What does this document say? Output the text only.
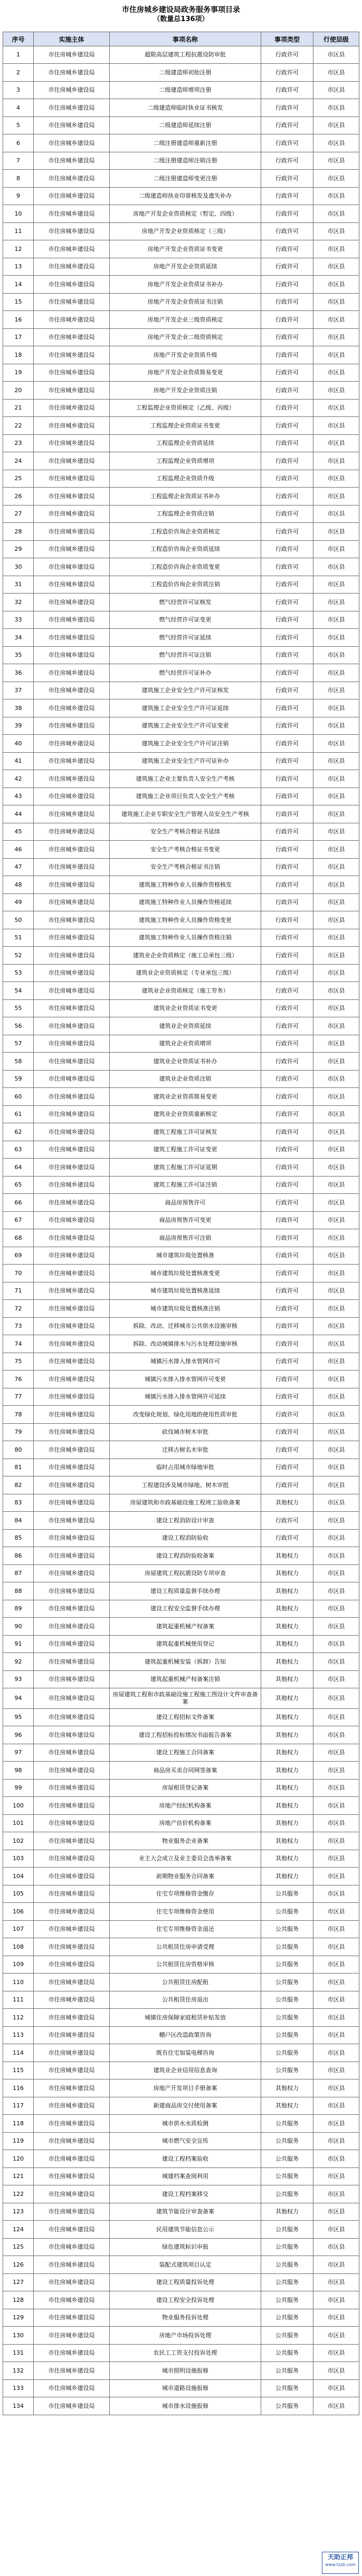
市住房城乡建设局政务服务事项目录
（数量总136项）
序号	实施主体	事项名称	事项类型	行使层级
1	市住房城乡建设局	超限高层建筑工程抗震设防审批	行政许可	市区县
2	市住房城乡建设局	二级建造师初始注册	行政许可	市区县
3	市住房城乡建设局	二级建造师增项注册	行政许可	市区县
4	市住房城乡建设局	二级建造师临时执业证书核发	行政许可	市区县
5	市住房城乡建设局	二级建造师延续注册	行政许可	市区县
6	市住房城乡建设局	二级注册建造师重新注册	行政许可	市区县
7	市住房城乡建设局	二级注册建造师注销注册	行政许可	市区县
8	市住房城乡建设局	二级注册建造师变更注册	行政许可	市区县
9	市住房城乡建设局	二级建造师执业印章核发及遗失补办	行政许可	市区县
10	市住房城乡建设局	房地产开发企业资质核定（暂定、四级）	行政许可	市区县
11	市住房城乡建设局	房地产开发企业资质核定（三级）	行政许可	市区县
12	市住房城乡建设局	房地产开发企业资质证书变更	行政许可	市区县
13	市住房城乡建设局	房地产开发企业资质延续	行政许可	市区县
14	市住房城乡建设局	房地产开发企业资质证书补办	行政许可	市区县
15	市住房城乡建设局	房地产开发企业资质证书注销	行政许可	市区县
16	市住房城乡建设局	房地产开发企业三级资质核定	行政许可	市区县
17	市住房城乡建设局	房地产开发企业二级资质核定	行政许可	市区县
18	市住房城乡建设局	房地产开发企业资质升级	行政许可	市区县
19	市住房城乡建设局	房地产开发企业资质简易变更	行政许可	市区县
20	市住房城乡建设局	房地产开发企业资质注销	行政许可	市区县
21	市住房城乡建设局	工程监理企业资质核定（乙级、丙级）	行政许可	市区县
22	市住房城乡建设局	工程监理企业资质证书变更	行政许可	市区县
23	市住房城乡建设局	工程监理企业资质延续	行政许可	市区县
24	市住房城乡建设局	工程监理企业资质增项	行政许可	市区县
25	市住房城乡建设局	工程监理企业资质升级	行政许可	市区县
26	市住房城乡建设局	工程监理企业资质证书补办	行政许可	市区县
27	市住房城乡建设局	工程监理企业资质注销	行政许可	市区县
28	市住房城乡建设局	工程造价咨询企业资质核定	行政许可	市区县
29	市住房城乡建设局	工程造价咨询企业资质延续	行政许可	市区县
30	市住房城乡建设局	工程造价咨询企业资质变更	行政许可	市区县
31	市住房城乡建设局	工程造价咨询企业资质注销	行政许可	市区县
32	市住房城乡建设局	燃气经营许可证核发	行政许可	市区县
33	市住房城乡建设局	燃气经营许可证变更	行政许可	市区县
34	市住房城乡建设局	燃气经营许可证延续	行政许可	市区县
35	市住房城乡建设局	燃气经营许可证注销	行政许可	市区县
36	市住房城乡建设局	燃气经营许可证补办	行政许可	市区县
37	市住房城乡建设局	建筑施工企业安全生产许可证核发	行政许可	市区县
38	市住房城乡建设局	建筑施工企业安全生产许可证延续	行政许可	市区县
39	市住房城乡建设局	建筑施工企业安全生产许可证变更	行政许可	市区县
40	市住房城乡建设局	建筑施工企业安全生产许可证注销	行政许可	市区县
41	市住房城乡建设局	建筑施工企业安全生产许可证补办	行政许可	市区县
42	市住房城乡建设局	建筑施工企业主要负责人安全生产考核	行政许可	市区县
43	市住房城乡建设局	建筑施工企业项目负责人安全生产考核	行政许可	市区县
44	市住房城乡建设局	建筑施工企业专职安全生产管理人员安全生产考核	行政许可	市区县
45	市住房城乡建设局	安全生产考核合格证书延续	行政许可	市区县
46	市住房城乡建设局	安全生产考核合格证书变更	行政许可	市区县
47	市住房城乡建设局	安全生产考核合格证书注销	行政许可	市区县
48	市住房城乡建设局	建筑施工特种作业人员操作资格核发	行政许可	市区县
49	市住房城乡建设局	建筑施工特种作业人员操作资格延续	行政许可	市区县
50	市住房城乡建设局	建筑施工特种作业人员操作资格变更	行政许可	市区县
51	市住房城乡建设局	建筑施工特种作业人员操作资格注销	行政许可	市区县
52	市住房城乡建设局	建筑业企业资质核定（施工总承包三级）	行政许可	市区县
53	市住房城乡建设局	建筑业企业资质核定（专业承包三级）	行政许可	市区县
54	市住房城乡建设局	建筑业企业资质核定（施工劳务）	行政许可	市区县
55	市住房城乡建设局	建筑业企业资质证书变更	行政许可	市区县
56	市住房城乡建设局	建筑业企业资质延续	行政许可	市区县
57	市住房城乡建设局	建筑业企业资质增项	行政许可	市区县
58	市住房城乡建设局	建筑业企业资质证书补办	行政许可	市区县
59	市住房城乡建设局	建筑业企业资质注销	行政许可	市区县
60	市住房城乡建设局	建筑业企业资质简易变更	行政许可	市区县
61	市住房城乡建设局	建筑业企业资质重新核定	行政许可	市区县
62	市住房城乡建设局	建筑工程施工许可证核发	行政许可	市区县
63	市住房城乡建设局	建筑工程施工许可证变更	行政许可	市区县
64	市住房城乡建设局	建筑工程施工许可证延期	行政许可	市区县
65	市住房城乡建设局	建筑工程施工许可证注销	行政许可	市区县
66	市住房城乡建设局	商品房预售许可	行政许可	市区县
67	市住房城乡建设局	商品房预售许可变更	行政许可	市区县
68	市住房城乡建设局	商品房预售许可注销	行政许可	市区县
69	市住房城乡建设局	城市建筑垃圾处置核准	行政许可	市区县
70	市住房城乡建设局	城市建筑垃圾处置核准变更	行政许可	市区县
71	市住房城乡建设局	城市建筑垃圾处置核准延续	行政许可	市区县
72	市住房城乡建设局	城市建筑垃圾处置核准注销	行政许可	市区县
73	市住房城乡建设局	拆除、改动、迁移城市公共供水设施审核	行政许可	市区县
74	市住房城乡建设局	拆除、改动城镇排水与污水处理设施审核	行政许可	市区县
75	市住房城乡建设局	城镇污水排入排水管网许可	行政许可	市区县
76	市住房城乡建设局	城镇污水排入排水管网许可变更	行政许可	市区县
77	市住房城乡建设局	城镇污水排入排水管网许可延续	行政许可	市区县
78	市住房城乡建设局	改变绿化规划、绿化用地的使用性质审批	行政许可	市区县
79	市住房城乡建设局	砍伐城市树木审批	行政许可	市区县
80	市住房城乡建设局	迁移古树名木审批	行政许可	市区县
81	市住房城乡建设局	临时占用城市绿地审批	行政许可	市区县
82	市住房城乡建设局	工程建设涉及城市绿地、树木审批	行政许可	市区县
83	市住房城乡建设局	房屋建筑和市政基础设施工程竣工验收备案	其他权力	市区县
84	市住房城乡建设局	建设工程消防设计审查	行政许可	市区县
85	市住房城乡建设局	建设工程消防验收	行政许可	市区县
86	市住房城乡建设局	建设工程消防验收备案	其他权力	市区县
87	市住房城乡建设局	房屋建筑工程抗震设防专项审查	其他权力	市区县
88	市住房城乡建设局	建设工程质量监督手续办理	其他权力	市区县
89	市住房城乡建设局	建设工程安全监督手续办理	其他权力	市区县
90	市住房城乡建设局	建筑起重机械产权备案	其他权力	市区县
91	市住房城乡建设局	建筑起重机械使用登记	其他权力	市区县
92	市住房城乡建设局	建筑起重机械安装（拆卸）告知	其他权力	市区县
93	市住房城乡建设局	建筑起重机械产权备案注销	其他权力	市区县
94	市住房城乡建设局	房屋建筑工程和市政基础设施工程施工图设计文件审查备案	其他权力	市区县
95	市住房城乡建设局	建设工程招标文件备案	其他权力	市区县
96	市住房城乡建设局	建设工程招标投标情况书面报告备案	其他权力	市区县
97	市住房城乡建设局	建设工程施工合同备案	其他权力	市区县
98	市住房城乡建设局	商品房买卖合同网签备案	其他权力	市区县
99	市住房城乡建设局	房屋租赁登记备案	其他权力	市区县
100	市住房城乡建设局	房地产经纪机构备案	其他权力	市区县
101	市住房城乡建设局	房地产估价机构备案	其他权力	市区县
102	市住房城乡建设局	物业服务企业备案	其他权力	市区县
103	市住房城乡建设局	业主大会成立及业主委员会选举备案	其他权力	市区县
104	市住房城乡建设局	前期物业服务合同备案	其他权力	市区县
105	市住房城乡建设局	住宅专项维修资金缴存	公共服务	市区县
106	市住房城乡建设局	住宅专项维修资金使用	公共服务	市区县
107	市住房城乡建设局	住宅专项维修资金退还	公共服务	市区县
108	市住房城乡建设局	公共租赁住房申请受理	公共服务	市区县
109	市住房城乡建设局	公共租赁住房资格审核	公共服务	市区县
110	市住房城乡建设局	公共租赁住房配租	公共服务	市区县
111	市住房城乡建设局	公共租赁住房退出	公共服务	市区县
112	市住房城乡建设局	城镇住房保障家庭租赁补贴发放	公共服务	市区县
113	市住房城乡建设局	棚户区改造政策咨询	公共服务	市区县
114	市住房城乡建设局	既有住宅加装电梯咨询	公共服务	市区县
115	市住房城乡建设局	建筑业企业信用信息查询	公共服务	市区县
116	市住房城乡建设局	房地产开发项目手册备案	其他权力	市区县
117	市住房城乡建设局	新建商品房交付使用备案	其他权力	市区县
118	市住房城乡建设局	城市供水水质检测	公共服务	市区县
119	市住房城乡建设局	城市燃气安全宣传	公共服务	市区县
120	市住房城乡建设局	建设工程档案验收	公共服务	市区县
121	市住房城乡建设局	城建档案查阅利用	公共服务	市区县
122	市住房城乡建设局	建设工程档案移交	公共服务	市区县
123	市住房城乡建设局	建筑节能设计审查备案	其他权力	市区县
124	市住房城乡建设局	民用建筑节能信息公示	公共服务	市区县
125	市住房城乡建设局	绿色建筑标识申报	公共服务	市区县
126	市住房城乡建设局	装配式建筑项目认定	公共服务	市区县
127	市住房城乡建设局	建设工程质量投诉处理	公共服务	市区县
128	市住房城乡建设局	建设工程安全投诉处理	公共服务	市区县
129	市住房城乡建设局	物业服务投诉处理	公共服务	市区县
130	市住房城乡建设局	房地产市场投诉处理	公共服务	市区县
131	市住房城乡建设局	农民工工资支付投诉处理	公共服务	市区县
132	市住房城乡建设局	城市照明设施报修	公共服务	市区县
133	市住房城乡建设局	城市道路设施报修	公共服务	市区县
134	市住房城乡建设局	城市排水设施报修	公共服务	市区县
天助正邦
www.tzzb.com
